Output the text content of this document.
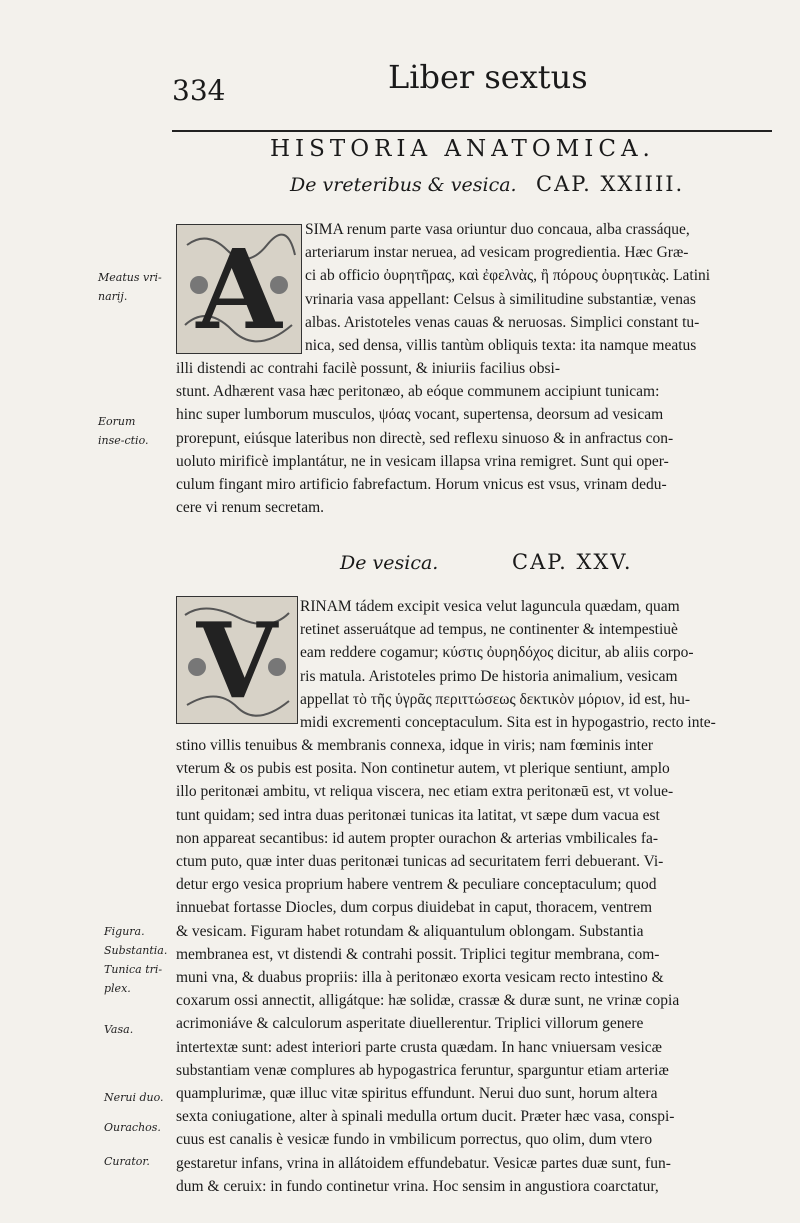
334	Liber sextus
HISTORIA ANATOMICA.
De vreteribus & vesica. CAP. XXIIII.
A SIMA renum parte vasa oriuntur duo concaua, alba crassáque,
arteriarum instar neruea, ad vesicam progredientia. Hæc Græ-
ci ab officio ὀυρητῆρας, καὶ ἐφελνὰς, ἢ πόρους ὀυρητικὰς. Latini
vrinaria vasa appellant: Celsus à similitudine substantiæ, venas
albas. Aristoteles venas cauas & neruosas. Simplici constant tu-
nica, sed densa, villis tantùm obliquis texta: ita namque meatus
illi distendi ac contrahi facilè possunt, & iniuriis facilius obsi-
stunt. Adhærent vasa hæc peritonæo, ab eóque communem accipiunt tunicam:
hinc super lumborum musculos, ψόας vocant, supertensa, deorsum ad vesicam
prorepunt, eiúsque lateribus non directè, sed reflexu sinuoso & in anfractus con-
uoluto mirificè implantátur, ne in vesicam illapsa vrina remigret. Sunt qui oper-
culum fingant miro artificio fabrefactum. Horum vnicus est vsus, vrinam dedu-
cere vi renum secretam.
De vesica.	CAP. XXV.
V RINAM tádem excipit vesica velut laguncula quædam, quam
retinet asseruátque ad tempus, ne continenter & intempestiuè
eam reddere cogamur; κύστις ὀυρηδόχος dicitur, ab aliis corpo-
ris matula. Aristoteles primo De historia animalium, vesicam
appellat τὸ τῆς ὑγρᾶς περιττώσεως δεκτικὸν μόριον, id est, hu-
midi excrementi conceptaculum. Sita est in hypogastrio, recto inte-
stino villis tenuibus & membranis connexa, idque in viris; nam fœminis inter
vterum & os pubis est posita. Non continetur autem, vt plerique sentiunt, amplo
illo peritonæi ambitu, vt reliqua viscera, nec etiam extra peritonæū est, vt volue-
tunt quidam; sed intra duas peritonæi tunicas ita latitat, vt sæpe dum vacua est
non appareat secantibus: id autem propter ourachon & arterias vmbilicales fa-
ctum puto, quæ inter duas peritonæi tunicas ad securitatem ferri debuerant. Vi-
detur ergo vesica proprium habere ventrem & peculiare conceptaculum; quod
innuebat fortasse Diocles, dum corpus diuidebat in caput, thoracem, ventrem
& vesicam. Figuram habet rotundam & aliquantulum oblongam. Substantia
membranea est, vt distendi & contrahi possit. Triplici tegitur membrana, com-
muni vna, & duabus propriis: illa à peritonæo exorta vesicam recto intestino &
coxarum ossi annectit, alligátque: hæ solidæ, crassæ & duræ sunt, ne vrinæ copia
acrimoniáve & calculorum asperitate diuellerentur. Triplici villorum genere
intertextæ sunt: adest interiori parte crusta quædam. In hanc vniuersam vesicæ
substantiam venæ complures ab hypogastrica feruntur, sparguntur etiam arteriæ
quamplurimæ, quæ illuc vitæ spiritus effundunt. Nerui duo sunt, horum altera
sexta coniugatione, alter à spinali medulla ortum ducit. Præter hæc vasa, conspi-
cuus est canalis è vesicæ fundo in vmbilicum porrectus, quo olim, dum vtero
gestaretur infans, vrina in allátoidem effundebatur. Vesicæ partes duæ sunt, fun-
dum & ceruix: in fundo continetur vrina. Hoc sensim in angustiora coarctatur,
Meatus vri-narij.
Eorum inse-ctio.
Figura. Substantia. Tunica tri-plex.
Vasa.
Nerui duo.
Ourachos.
Curator.
